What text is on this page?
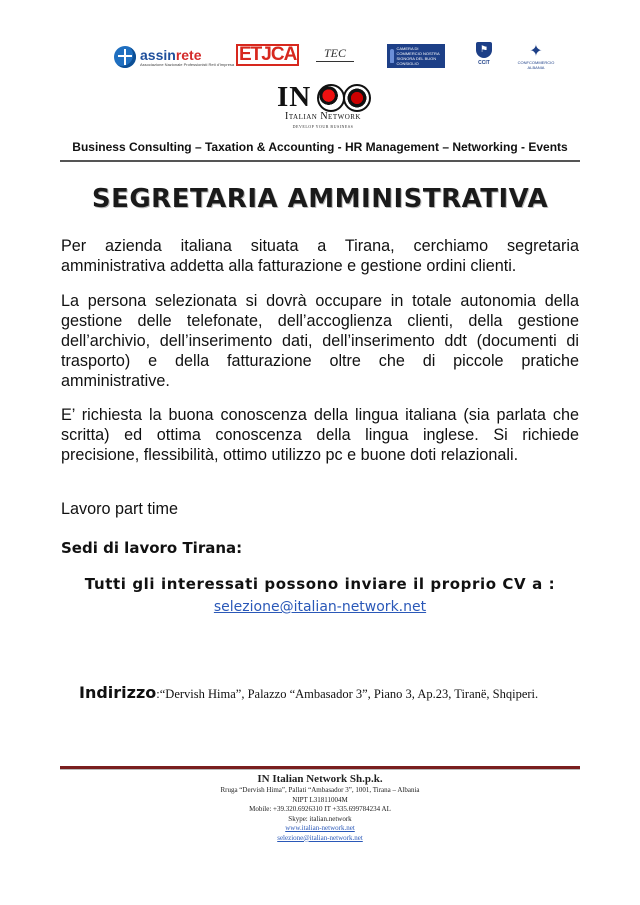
assinrete
Associazione Nazionale Professionisti Reti d'Impresa ETJCA	TEC	CAMERA DI COMMERCIO NOSTRA SIGNORA DEL BUON CONSIGLIO
⚑
CCIT
✦
CONFCOMMERCIO ALBANIA
IN
Italian Network
DEVELOP YOUR BUSINESS
Business Consulting – Taxation & Accounting - HR Management – Networking - Events
SEGRETARIA AMMINISTRATIVA

Per azienda italiana situata a Tirana, cerchiamo segretaria amministrativa addetta alla fatturazione e gestione ordini clienti.

La persona selezionata si dovrà occupare in totale autonomia della gestione delle telefonate, dell’accoglienza clienti, della gestione dell’archivio, dell’inserimento dati, dell’inserimento ddt (documenti di trasporto) e della fatturazione oltre che di piccole pratiche amministrative.

E’ richiesta la buona conoscenza della lingua italiana (sia parlata che scritta) ed ottima conoscenza della lingua inglese. Si richiede precisione, flessibilità, ottimo utilizzo pc e buone doti relazionali.

Lavoro part time

Sedi di lavoro Tirana:
Tutti gli interessati possono inviare il proprio CV a :
selezione@italian-network.net
Indirizzo:“Dervish Hima”, Palazzo “Ambasador 3”, Piano 3, Ap.23, Tiranë, Shqiperi.
IN Italian Network Sh.p.k.
Rruga “Dervish Hima”, Pallati “Ambasador 3”, 1001, Tirana – Albania
NIPT L31811004M
Mobile: +39.320.6926310 IT +335.699784234 AL
Skype: italian.network
www.italian-network.net
selezione@italian-network.net
